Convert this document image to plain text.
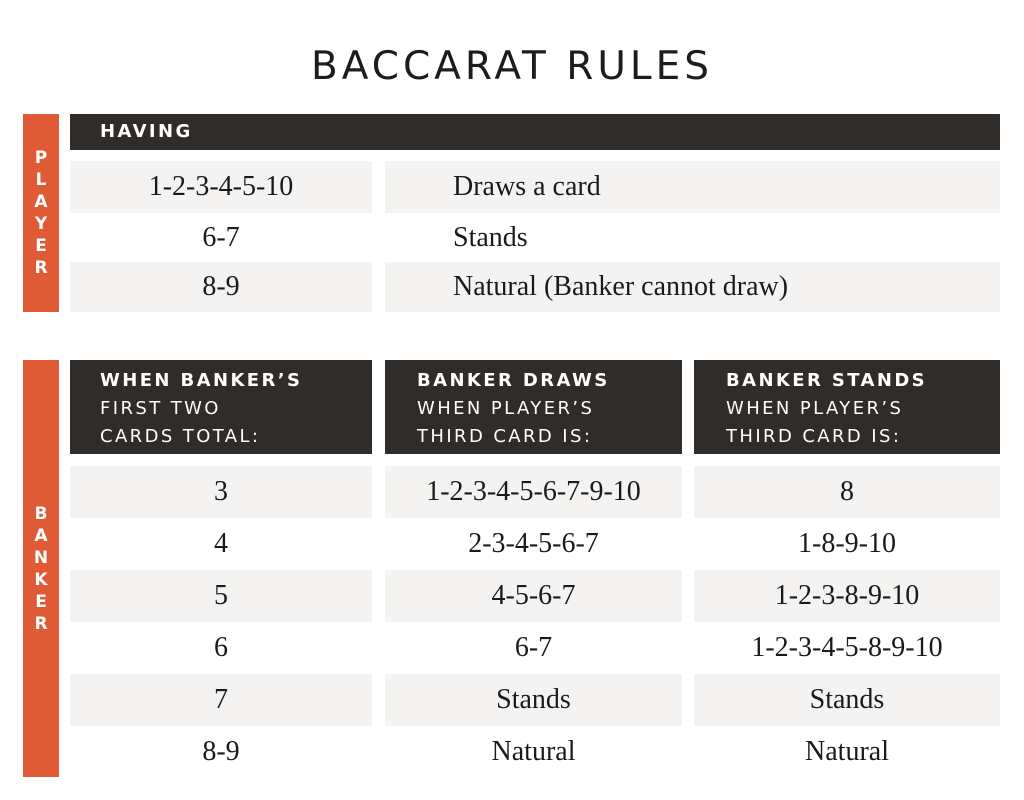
BACCARAT RULES
P
L
A
Y
E
R
HAVING
1-2-3-4-5-10	Draws a card
6-7	Stands
8-9	Natural (Banker cannot draw)
B
A
N
K
E
R
WHEN BANKER’S
FIRST TWO
CARDS TOTAL:
BANKER DRAWS
WHEN PLAYER’S
THIRD CARD IS:
BANKER STANDS
WHEN PLAYER’S
THIRD CARD IS:
3	1-2-3-4-5-6-7-9-10	8
4	2-3-4-5-6-7	1-8-9-10
5	4-5-6-7	1-2-3-8-9-10
6	6-7	1-2-3-4-5-8-9-10
7	Stands	Stands
8-9	Natural	Natural
